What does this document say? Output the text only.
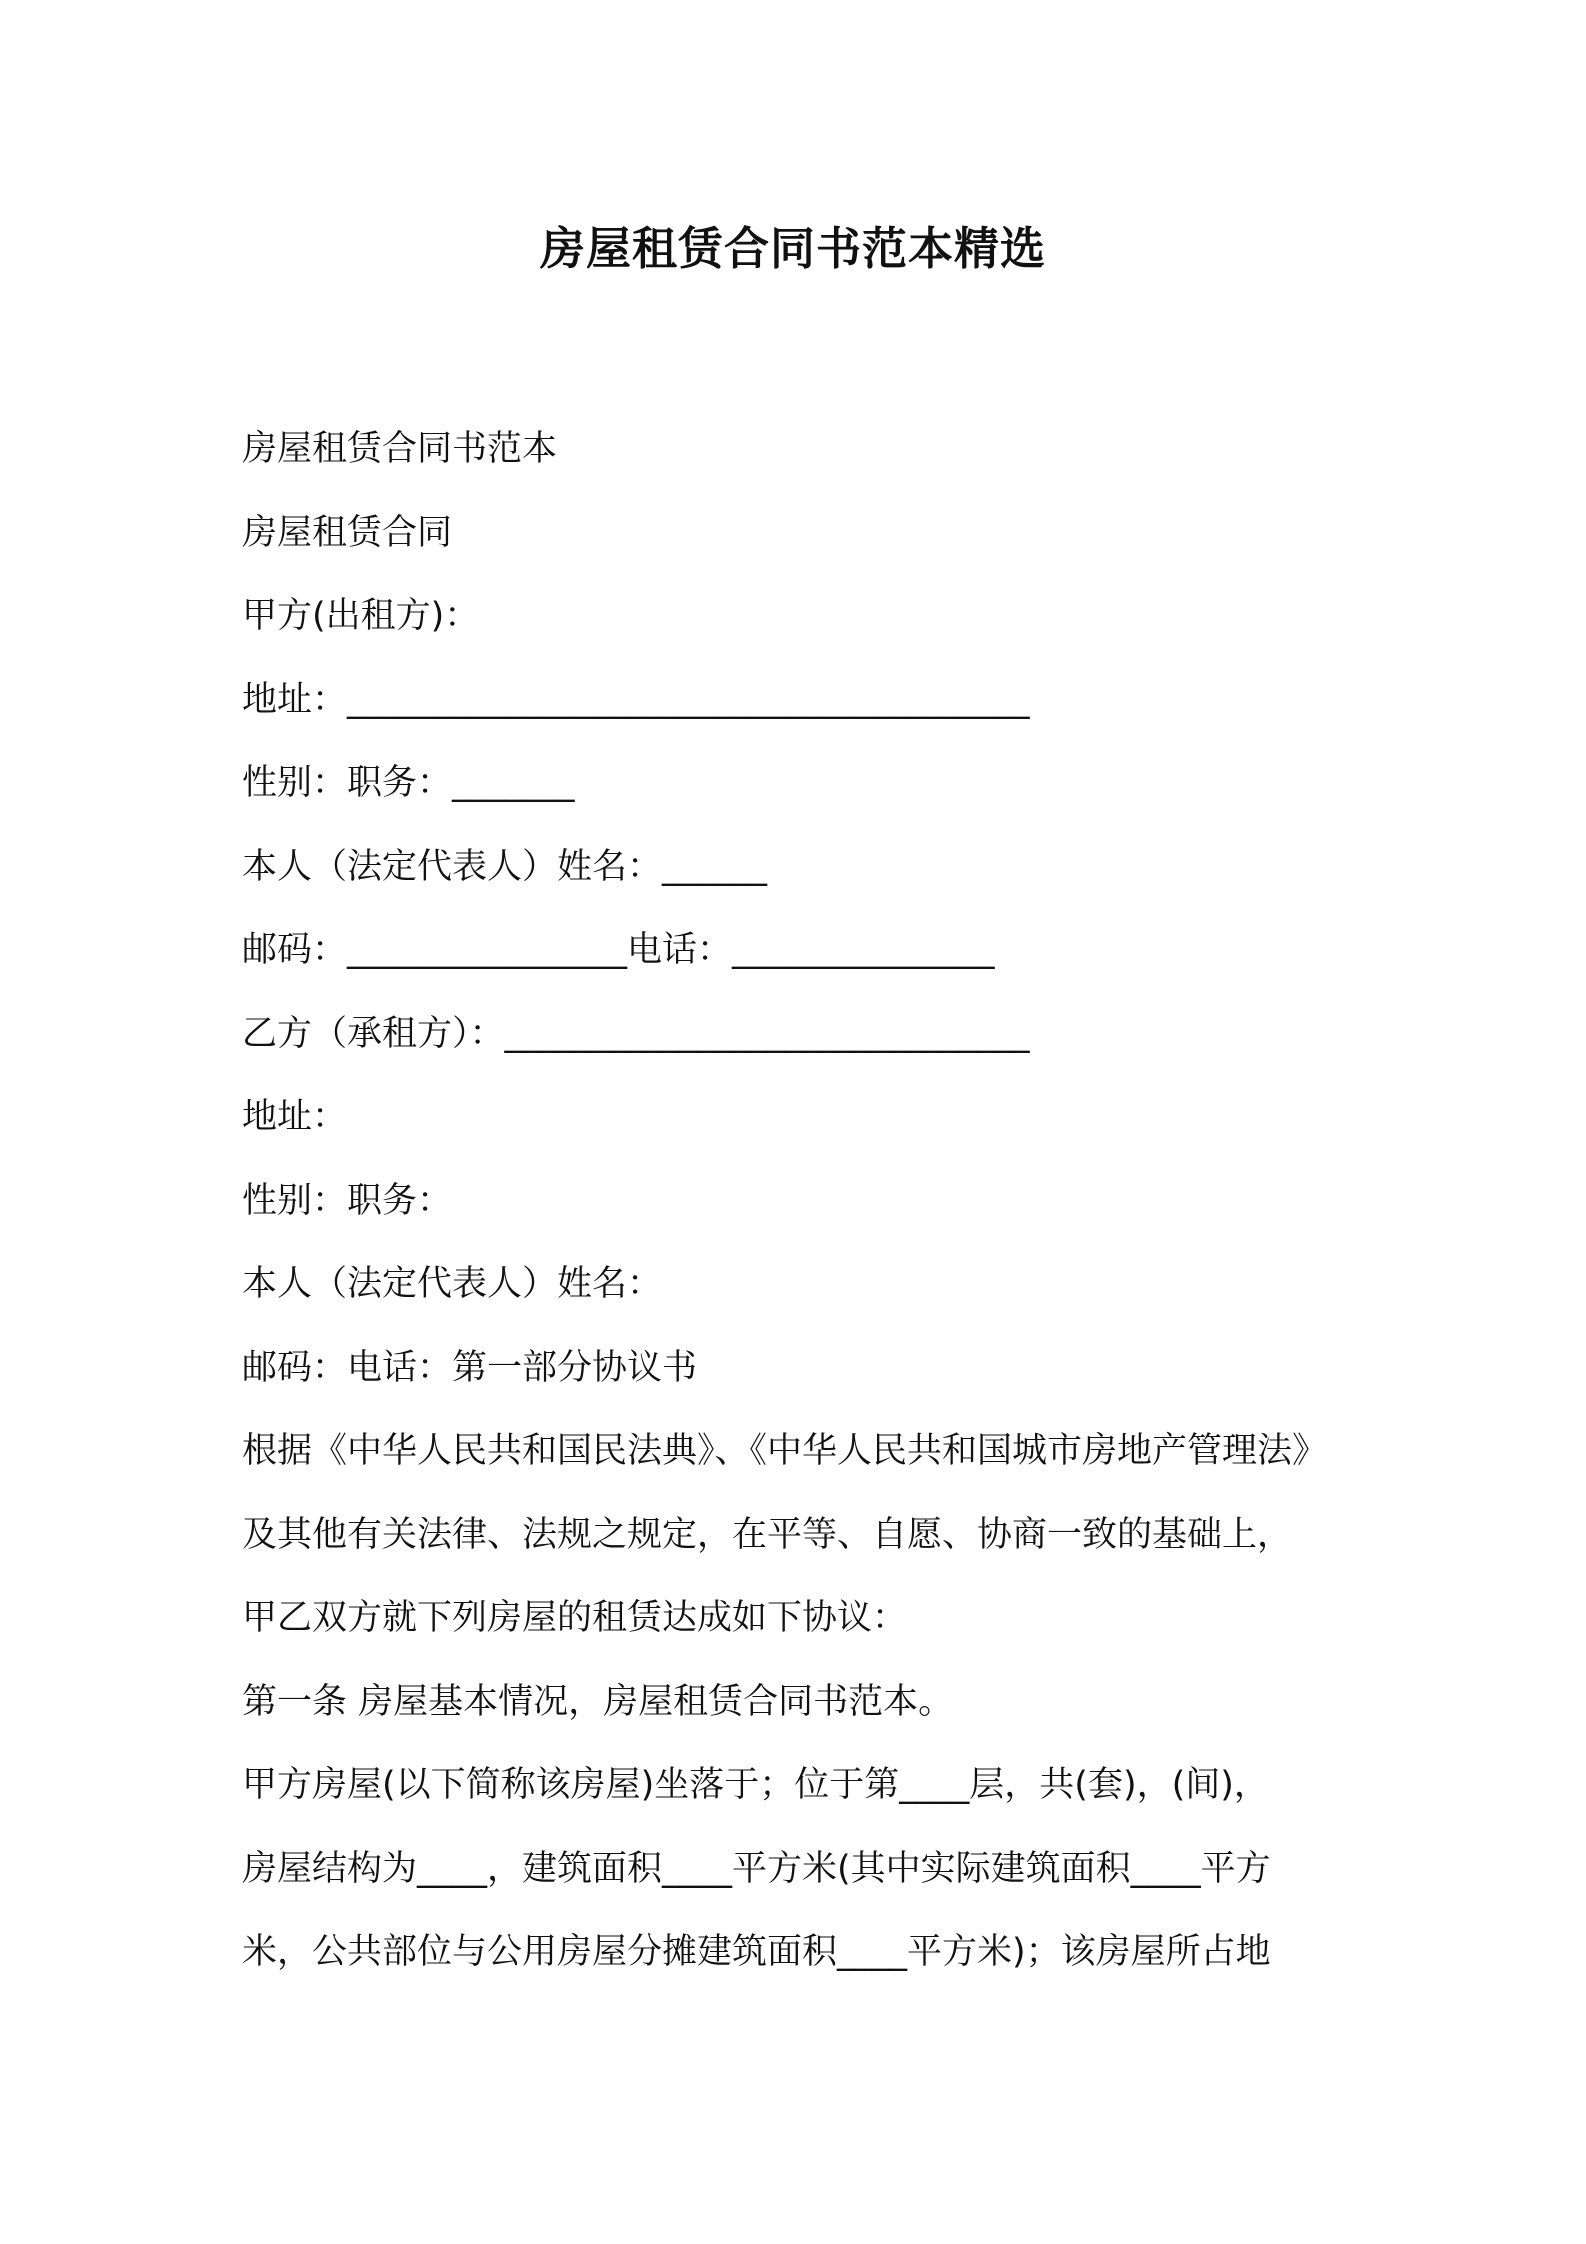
房屋租赁合同书范本精选

房屋租赁合同书范本

房屋租赁合同

甲方(出租方)：

地址：_______________________________________

性别：职务：_______

本人（法定代表人）姓名：______

邮码：________________电话：_______________

乙方（承租方）：______________________________

地址：

性别：职务：

本人（法定代表人）姓名：

邮码：电话：第一部分协议书

根据《中华人民共和国民法典》、《中华人民共和国城市房地产管理法》

及其他有关法律、法规之规定，在平等、自愿、协商一致的基础上，

甲乙双方就下列房屋的租赁达成如下协议：

第一条 房屋基本情况，房屋租赁合同书范本。

甲方房屋(以下简称该房屋)坐落于；位于第____层，共(套)，(间)，

房屋结构为____，建筑面积____平方米(其中实际建筑面积____平方

米，公共部位与公用房屋分摊建筑面积____平方米)；该房屋所占地
